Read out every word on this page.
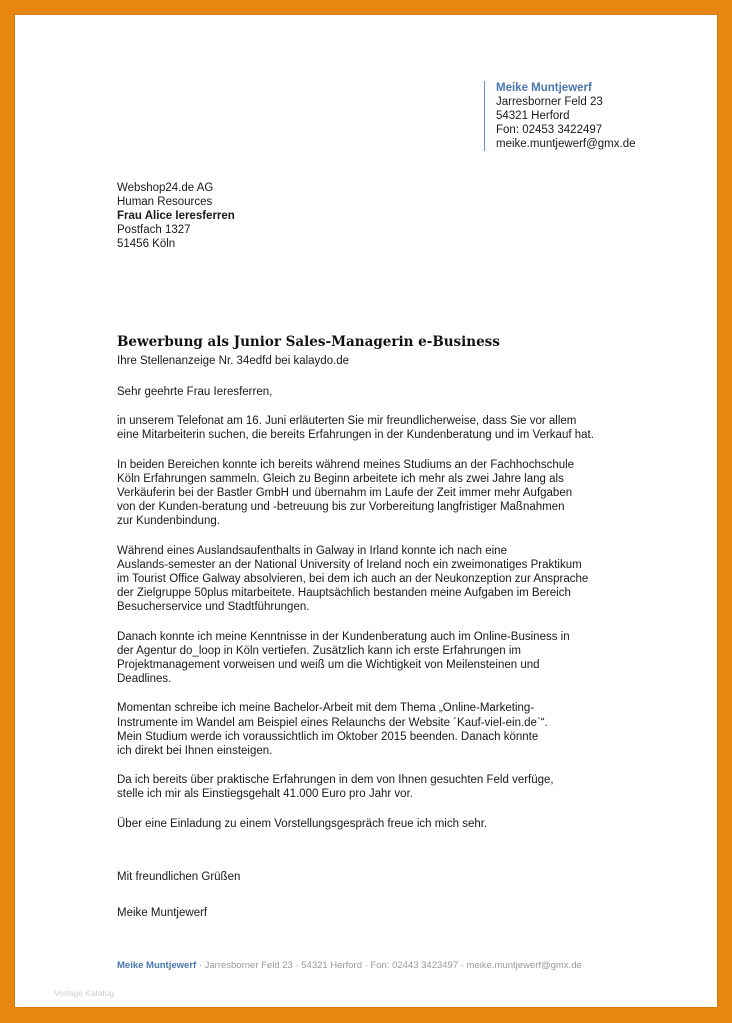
Meike Muntjewerf
Jarresborner Feld 23
54321 Herford
Fon: 02453 3422497
meike.muntjewerf@gmx.de
Webshop24.de AG
Human Resources
Frau Alice Ieresferren
Postfach 1327
51456 Köln
Bewerbung als Junior Sales-Managerin e-Business
Ihre Stellenanzeige Nr. 34edfd bei kalaydo.de

Sehr geehrte Frau Ieresferren,

in unserem Telefonat am 16. Juni erläuterten Sie mir freundlicherweise, dass Sie vor allem
eine Mitarbeiterin suchen, die bereits Erfahrungen in der Kundenberatung und im Verkauf hat.

In beiden Bereichen konnte ich bereits während meines Studiums an der Fachhochschule
Köln Erfahrungen sammeln. Gleich zu Beginn arbeitete ich mehr als zwei Jahre lang als
Verkäuferin bei der Bastler GmbH und übernahm im Laufe der Zeit immer mehr Aufgaben
von der Kunden-beratung und -betreuung bis zur Vorbereitung langfristiger Maßnahmen
zur Kundenbindung.

Während eines Auslandsaufenthalts in Galway in Irland konnte ich nach eine
Auslands-semester an der National University of Ireland noch ein zweimonatiges Praktikum
im Tourist Office Galway absolvieren, bei dem ich auch an der Neukonzeption zur Ansprache
der Zielgruppe 50plus mitarbeitete. Hauptsächlich bestanden meine Aufgaben im Bereich
Besucherservice und Stadtführungen.

Danach konnte ich meine Kenntnisse in der Kundenberatung auch im Online-Business in
der Agentur do_loop in Köln vertiefen. Zusätzlich kann ich erste Erfahrungen im
Projektmanagement vorweisen und weiß um die Wichtigkeit von Meilensteinen und
Deadlines.

Momentan schreibe ich meine Bachelor-Arbeit mit dem Thema „Online-Marketing-
Instrumente im Wandel am Beispiel eines Relaunchs der Website ´Kauf-viel-ein.de`“.
Mein Studium werde ich voraussichtlich im Oktober 2015 beenden. Danach könnte
ich direkt bei Ihnen einsteigen.

Da ich bereits über praktische Erfahrungen in dem von Ihnen gesuchten Feld verfüge,
stelle ich mir als Einstiegsgehalt 41.000 Euro pro Jahr vor.

Über eine Einladung zu einem Vorstellungsgespräch freue ich mich sehr.

Mit freundlichen Grüßen

Meike Muntjewerf

Meike Muntjewerf · Jarresborner Feld 23 · 54321 Herford · Fon: 02443 3423497 · meike.muntjewerf@gmx.de
Vorlage Katalog
